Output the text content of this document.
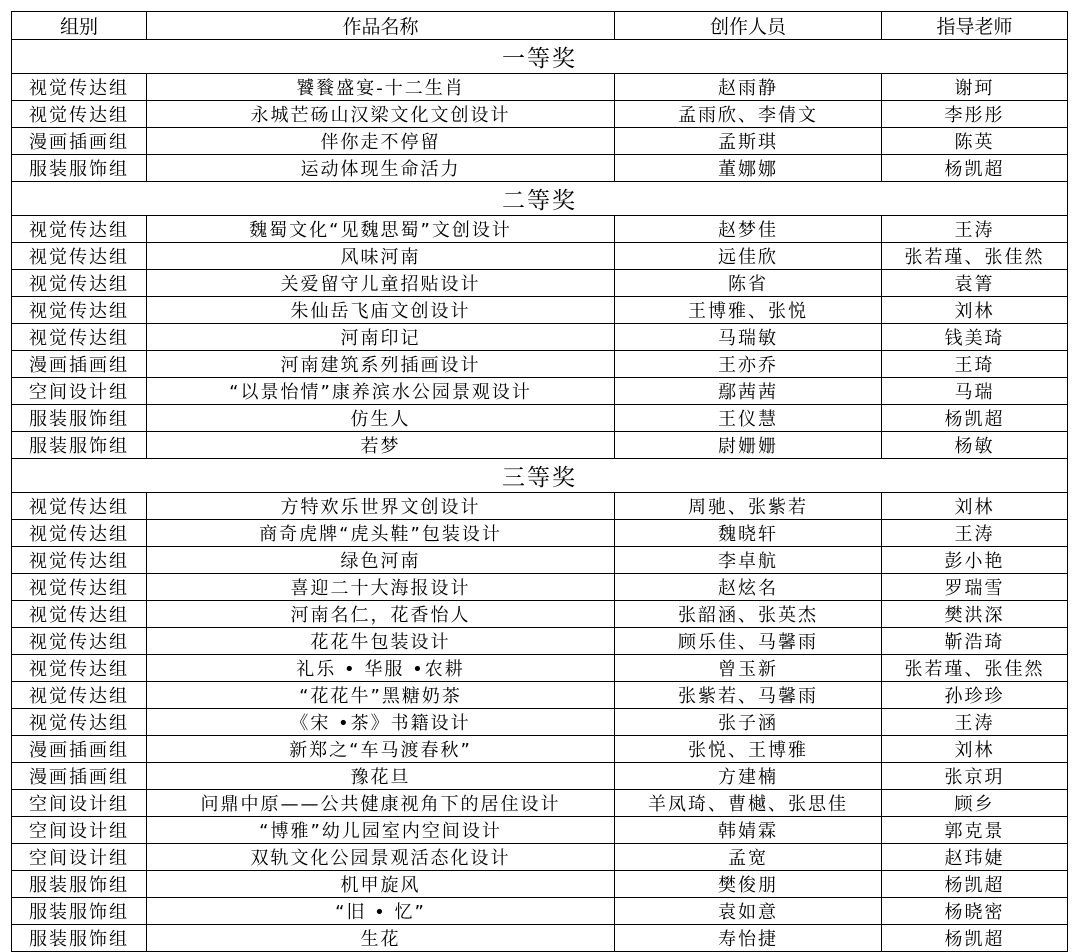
组别	作品名称	创作人员	指导老师
一等奖			
视觉传达组	饕餮盛宴-十二生肖	赵雨静	谢珂
视觉传达组	永城芒砀山汉梁文化文创设计	孟雨欣、李倩文	李彤彤
漫画插画组	伴你走不停留	孟斯琪	陈英
服装服饰组	运动体现生命活力	董娜娜	杨凯超
二等奖			
视觉传达组	魏蜀文化“见魏思蜀”文创设计	赵梦佳	王涛
视觉传达组	风味河南	远佳欣	张若瑾、张佳然
视觉传达组	关爱留守儿童招贴设计	陈省	袁箐
视觉传达组	朱仙岳飞庙文创设计	王博雅、张悦	刘林
视觉传达组	河南印记	马瑞敏	钱美琦
漫画插画组	河南建筑系列插画设计	王亦乔	王琦
空间设计组	“以景怡情”康养滨水公园景观设计	鄢茜茜	马瑞
服装服饰组	仿生人	王仪慧	杨凯超
服装服饰组	若梦	尉姗姗	杨敏
三等奖			
视觉传达组	方特欢乐世界文创设计	周驰、张紫若	刘林
视觉传达组	商奇虎牌“虎头鞋”包装设计	魏晓轩	王涛
视觉传达组	绿色河南	李卓航	彭小艳
视觉传达组	喜迎二十大海报设计	赵炫名	罗瑞雪
视觉传达组	河南名仁，花香怡人	张韶涵、张英杰	樊洪深
视觉传达组	花花牛包装设计	顾乐佳、马馨雨	靳浩琦
视觉传达组	礼乐 • 华服 •农耕	曾玉新	张若瑾、张佳然
视觉传达组	“花花牛”黑糖奶茶	张紫若、马馨雨	孙珍珍
视觉传达组	《宋 •茶》书籍设计	张子涵	王涛
漫画插画组	新郑之“车马渡春秋”	张悦、王博雅	刘林
漫画插画组	豫花旦	方建楠	张京玥
空间设计组	问鼎中原——公共健康视角下的居住设计	羊凤琦、曹樾、张思佳	顾乡
空间设计组	“博雅”幼儿园室内空间设计	韩婧霖	郭克景
空间设计组	双轨文化公园景观活态化设计	孟宽	赵玮婕
服装服饰组	机甲旋风	樊俊朋	杨凯超
服装服饰组	“旧 • 忆”	袁如意	杨晓密
服装服饰组	生花	寿怡捷	杨凯超
